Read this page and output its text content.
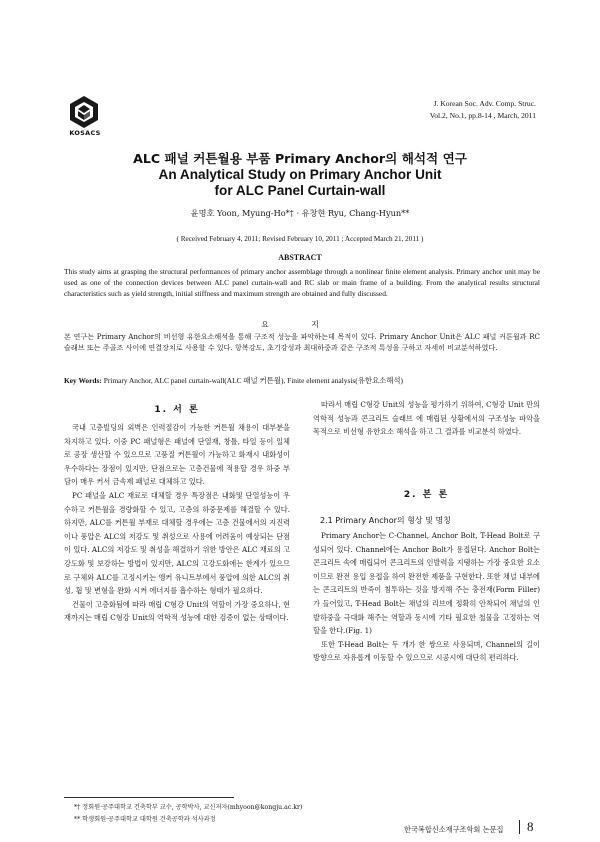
KOSACS
J. Korean Soc. Adv. Comp. Struc.
Vol.2, No.1, pp.8-14 , March, 2011
ALC 패널 커튼월용 부품 Primary Anchor의 해석적 연구
An Analytical Study on Primary Anchor Unit
for ALC Panel Curtain-wall
윤명호 Yoon, Myung-Ho*† · 유창현 Ryu, Chang-Hyun**
( Received February 4, 2011; Revised February 10, 2011 ; Accepted March 21, 2011 )
ABSTRACT
This study aims at grasping the structural performances of primary anchor assemblage through a nonlinear finite element analysis. Primary anchor unit may be used as one of the connection devices between ALC panel curtain-wall and RC slab or main frame of a building. From the analytical results structural characteristics such as yield strength, initial stiffness and maximum strength are obtained and fully discussed.
요 지
본 연구는 Primary Anchor의 비선형 유한요소해석을 통해 구조적 성능을 파악하는데 목적이 있다. Primary Anchor Unit은 ALC 패널 커튼월과 RC 슬래브 또는 주골조 사이에 연결장치로 사용할 수 있다. 항복강도, 초기강성과 최대하중과 같은 구조적 특성을 구하고 자세히 비교분석하였다.
Key Words: Primary Anchor, ALC panel curtain-wall(ALC 패널 커튼월), Finite element analysis(유한요소해석)
1. 서 론

국내 고층빌딩의 외벽은 인력절감이 가능한 커튼월 채용이 대부분을 차지하고 있다. 이중 PC 패널형은 패널에 단열재, 창틀, 타일 등이 일체로 공장 생산할 수 있으므로 고품질 커튼월이 가능하고 화재시 내화성이 우수하다는 장점이 있지만, 단점으로는 고층건물에 적용할 경우 하중 부담이 매우 커서 금속제 패널로 대체하고 있다.

PC 패널을 ALC 재료로 대체할 경우 특장점은 내화및 단열성능이 우수하고 커튼월을 경량화할 수 있고, 고층의 하중문제를 해결할 수 있다. 하지만, ALC를 커튼월 부재로 대체할 경우에는 고층 건물에서의 지진력이나 풍압은 ALC의 저강도 및 취성으로 사용에 어려움이 예상되는 단점이 있다. ALC의 저강도 및 취성을 해결하기 위한 방안은 ALC 재료의 고강도화 및 보강하는 방법이 있지만, ALC의 고강도화에는 한계가 있으므로 구체와 ALC를 고정시키는 앵커 유니트부에서 풍압에 의한 ALC의 취성, 휨 및 변형을 완화 시켜 에너지를 흡수하는 형태가 필요하다.

건물이 고층화됨에 따라 매립 C형강 Unit의 역할이 가장 중요하나, 현재까지는 매립 C형강 Unit의 역학적 성능에 대한 검증이 없는 상태이다.

따라서 매립 C형강 Unit의 성능을 평가하기 위하여, C형강 Unit 만의 역학적 성능과 콘크리트 슬래브 에 매립된 상황에서의 구조성능 파악을 목적으로 비선형 유한요소 해석을 하고 그 결과를 비교분석 하였다.

2. 본 론
2.1 Primary Anchor의 형상 및 명칭

Primary Anchor는 C-Channel, Anchor Bolt, T-Head Bolt로 구성되어 있다. Channel에는 Anchor Bolt가 용접된다. Anchor Bolt는 콘크리트 속에 매립되어 콘크리트의 인발력을 지탱하는 가장 중요한 요소이므로 완전 용입 용접을 하여 완전한 제품을 구현한다. 또한 채널 내부에는 콘크리트의 반죽이 침투하는 것을 방지해 주는 충전재(Form Filler)가 들어있고, T-Head Bolt는 채널의 리브에 정확히 안착되어 채널의 인발하중을 극대화 해주는 역할과 동시에 기타 필요한 철물을 고정하는 역할을 한다.(Fig. 1)

또한 T-Head Bolt는 두 개가 한 쌍으로 사용되며, Channel의 길이 방향으로 자유롭게 이동할 수 있으므로 시공시에 대단히 편리하다.

*† 정회원·공주대학교 건축학부 교수, 공학박사, 교신저자(mhyoon@kongju.ac.kr)
** 학생회원·공주대학교 대학원 건축공학과 석사과정
한국복합신소재구조학회 논문집 8
